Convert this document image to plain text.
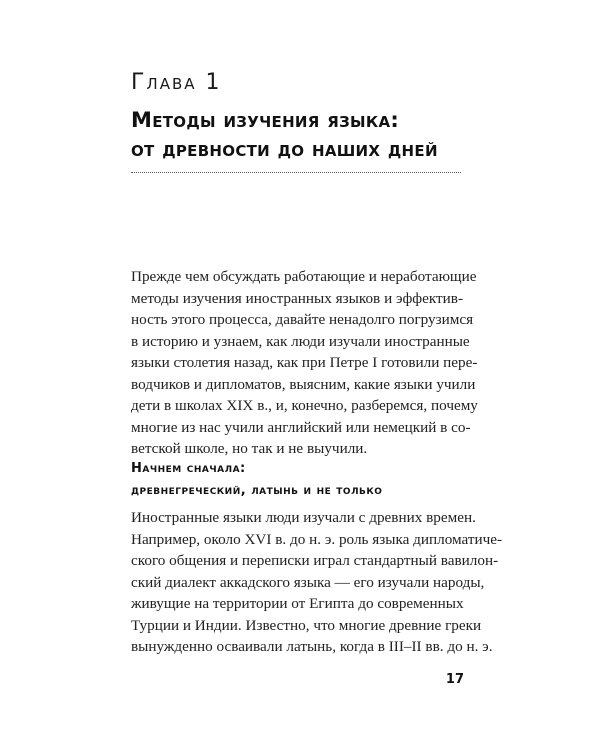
Глава 1
Методы изучения языка:
от древности до наших дней
Прежде чем обсуждать работающие и неработающие
методы изучения иностранных языков и эффектив-
ность этого процесса, давайте ненадолго погрузимся
в историю и узнаем, как люди изучали иностранные
языки столетия назад, как при Петре I готовили пере-
водчиков и дипломатов, выясним, какие языки учили
дети в школах XIX в., и, конечно, разберемся, почему
многие из нас учили английский или немецкий в со-
ветской школе, но так и не выучили.
Начнем сначала:
древнегреческий, латынь и не только
Иностранные языки люди изучали с древних времен.
Например, около XVI в. до н. э. роль языка дипломатиче-
ского общения и переписки играл стандартный вавилон-
ский диалект аккадского языка — его изучали народы,
живущие на территории от Египта до современных
Турции и Индии. Известно, что многие древние греки
вынужденно осваивали латынь, когда в III–II вв. до н. э.
17
